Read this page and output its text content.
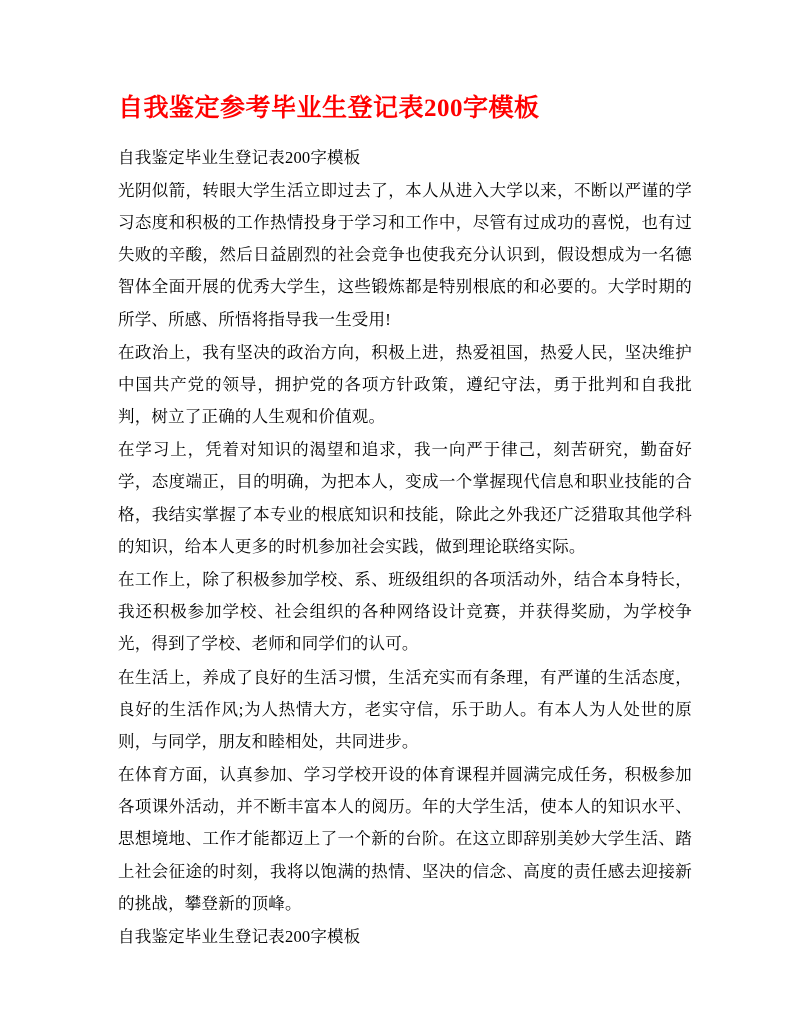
自我鉴定参考毕业生登记表200字模板

自我鉴定毕业生登记表200字模板

光阴似箭，转眼大学生活立即过去了，本人从进入大学以来，不断以严谨的学习态度和积极的工作热情投身于学习和工作中，尽管有过成功的喜悦，也有过失败的辛酸，然后日益剧烈的社会竞争也使我充分认识到，假设想成为一名德智体全面开展的优秀大学生，这些锻炼都是特别根底的和必要的。大学时期的所学、所感、所悟将指导我一生受用!

在政治上，我有坚决的政治方向，积极上进，热爱祖国，热爱人民，坚决维护中国共产党的领导，拥护党的各项方针政策，遵纪守法，勇于批判和自我批判，树立了正确的人生观和价值观。

在学习上，凭着对知识的渴望和追求，我一向严于律己，刻苦研究，勤奋好学，态度端正，目的明确，为把本人，变成一个掌握现代信息和职业技能的合格，我结实掌握了本专业的根底知识和技能，除此之外我还广泛猎取其他学科的知识，给本人更多的时机参加社会实践，做到理论联络实际。

在工作上，除了积极参加学校、系、班级组织的各项活动外，结合本身特长，我还积极参加学校、社会组织的各种网络设计竞赛，并获得奖励，为学校争光，得到了学校、老师和同学们的认可。

在生活上，养成了良好的生活习惯，生活充实而有条理，有严谨的生活态度，良好的生活作风;为人热情大方，老实守信，乐于助人。有本人为人处世的原则，与同学，朋友和睦相处，共同进步。

在体育方面，认真参加、学习学校开设的体育课程并圆满完成任务，积极参加各项课外活动，并不断丰富本人的阅历。年的大学生活，使本人的知识水平、思想境地、工作才能都迈上了一个新的台阶。在这立即辞别美妙大学生活、踏上社会征途的时刻，我将以饱满的热情、坚决的信念、高度的责任感去迎接新的挑战，攀登新的顶峰。

自我鉴定毕业生登记表200字模板
